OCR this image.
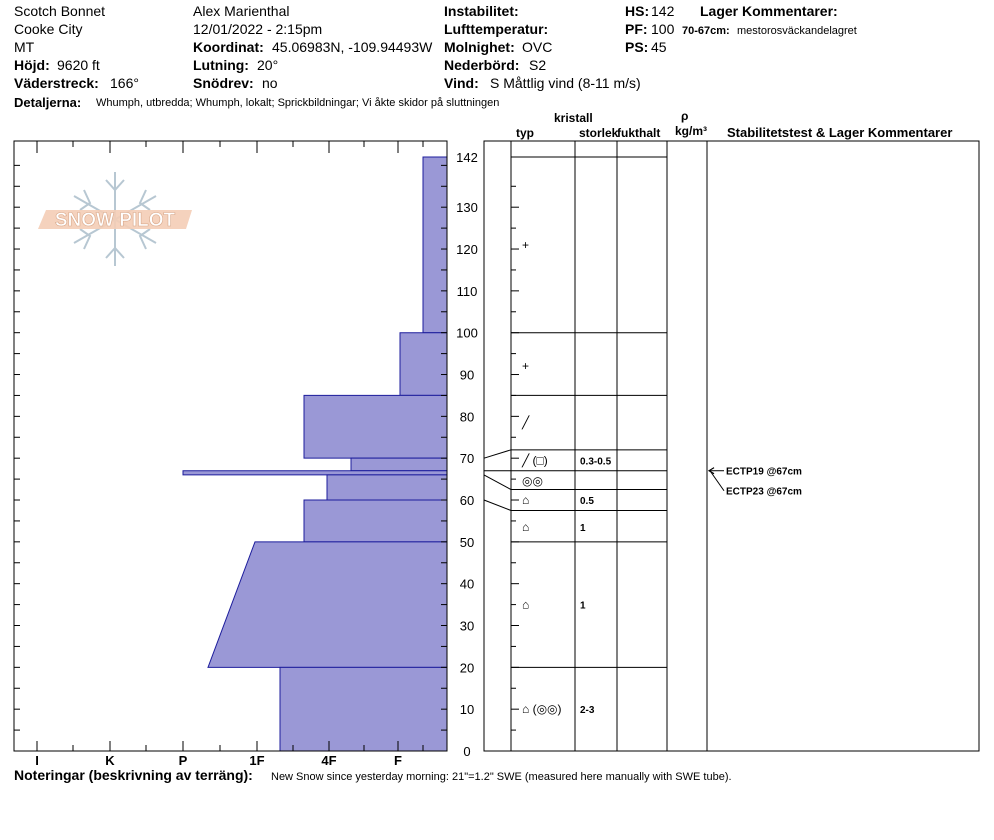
Scotch Bonnet
Cooke City
MT
Höjd: 9620 ft
Väderstreck: 166°
Alex Marienthal
12/01/2022 - 2:15pm
Koordinat: 45.06983N, -109.94493W
Lutning: 20°
Snödrev: no
Instabilitet:
Lufttemperatur:
Molnighet: OVC
Nederbörd: S2
Vind: S Måttlig vind (8-11 m/s)
HS: 142
PF: 100
PS: 45
Lager Kommentarer:
70-67cm: mestorosväckandelagret
Detaljerna: Whumph, utbredda; Whumph, lokalt; Sprickbildningar; Vi åkte skidor på sluttningen
kristall
typ	storlek
fukthalt
ρ
kg/m³ Stabilitetstest & Lager Kommentarer
SNOW PILOT
I	K	P	1F	4F	F
0
10
20
30
40
50
60
70
80
90
100
110
120
130
142
+
+
╱
╱ (□)	0.3-0.5
◎◎
⌂	0.5
⌂	1
⌂	1
⌂ (◎◎) 2-3
ECTP19 @67cm
ECTP23 @67cm
Noteringar (beskrivning av terräng): New Snow since yesterday morning: 21"=1.2" SWE (measured here manually with SWE tube).
